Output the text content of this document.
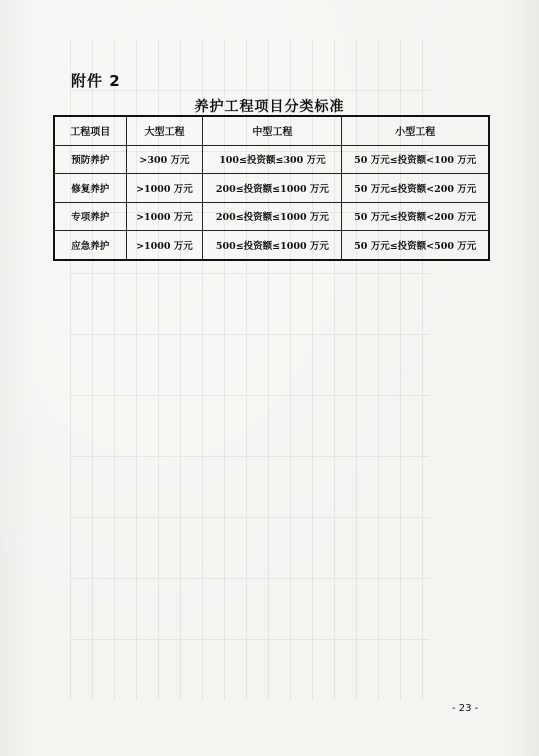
附件 2
养护工程项目分类标准
工程项目	大型工程	中型工程	小型工程
预防养护	>300 万元	100≤投资额≤300 万元	50 万元≤投资额<100 万元
修复养护	>1000 万元	200≤投资额≤1000 万元	50 万元≤投资额<200 万元
专项养护	>1000 万元	200≤投资额≤1000 万元	50 万元≤投资额<200 万元
应急养护	>1000 万元	500≤投资额≤1000 万元	50 万元≤投资额<500 万元
- 23 -
